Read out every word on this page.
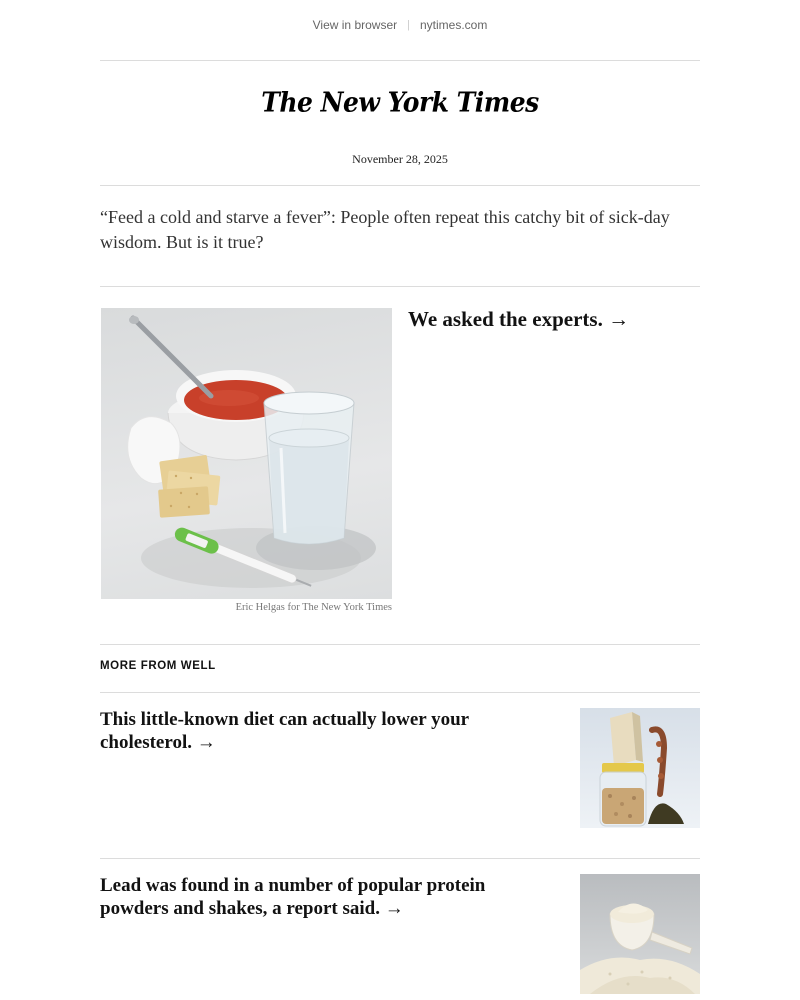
View in browser | nytimes.com
The New York Times
November 28, 2025
“Feed a cold and starve a fever”: People often repeat this catchy bit of sick-day wisdom. But is it true?
Eric Helgas for The New York Times
We asked the experts. →
MORE FROM WELL
This little-known diet can actually lower your cholesterol. →
Lead was found in a number of popular protein powders and shakes, a report said. →
